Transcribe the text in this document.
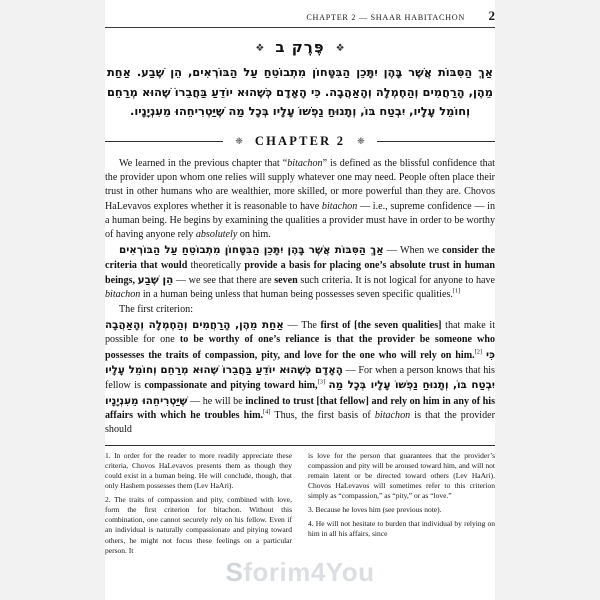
CHAPTER 2 — SHAAR HABITACHON	2
❖ פֶּרֶק ב ❖
אַךְ הַסִּבּוֹת אֲשֶׁר בָּהֶן יִתָּכֵן הַבִּטָּחוֹן מִתְבוֹטֵחַ עַל הַבּוֹרְאִים, הֵן שֶׁבַע. אַחַת מֵהֶן, הָרַחֲמִים וְהַחֶמְלָה וְהָאַהֲבָה. כִּי הָאָדָם כְּשֶׁהוּא יוֹדֵעַ בַּחֲבֵרוֹ שֶׁהוּא מְרַחֵם וְחוֹמֵל עָלָיו, יִבְטַח בּוֹ, וְתָנוּחַ נַפְשׁוֹ עָלָיו בְּכָל מַה שֶּׁיַּטְרִיחֵהוּ מֵעִנְיָנָיו.
❈ CHAPTER 2	❈

We learned in the previous chapter that “bitachon” is defined as the blissful confidence that the provider upon whom one relies will supply whatever one may need. People often place their trust in other humans who are wealthier, more skilled, or more powerful than they are. Chovos HaLevavos explores whether it is reasonable to have bitachon — i.e., supreme confidence — in a human being. He begins by examining the qualities a provider must have in order to be worthy of having anyone rely absolutely on him.

אַךְ הַסִּבּוֹת אֲשֶׁר בָּהֶן יִתָּכֵן הַבִּטָּחוֹן מִתְבוֹטֵחַ עַל הַבּוֹרְאִים — When we consider the criteria that would theoretically provide a basis for placing one’s absolute trust in human beings, הֵן שֶׁבַע — we see that there are seven such criteria. It is not logical for anyone to have bitachon in a human being unless that human being possesses seven specific qualities.[1]

The first criterion:

אַחַת מֵהֶן, הָרַחֲמִים וְהַחֶמְלָה וְהָאַהֲבָה — The first of [the seven qualities] that make it possible for one to be worthy of one’s reliance is that the provider be someone who possesses the traits of compassion, pity, and love for the one who will rely on him.[2] כִּי הָאָדָם כְּשֶׁהוּא יוֹדֵעַ בַּחֲבֵרוֹ שֶׁהוּא מְרַחֵם וְחוֹמֵל עָלָיו — For when a person knows that his fellow is compassionate and pitying toward him,[3] יִבְטַח בּוֹ, וְתָנוּחַ נַפְשׁוֹ עָלָיו בְּכָל מַה שֶּׁיַּטְרִיחֵהוּ מֵעִנְיָנָיו — he will be inclined to trust [that fellow] and rely on him in any of his affairs with which he troubles him.[4] Thus, the first basis of bitachon is that the provider should

1. In order for the reader to more readily appreciate these criteria, Chovos HaLevavos presents them as though they could exist in a human being. He will conclude, though, that only Hashem possesses them (Lev HaAri).

2. The traits of compassion and pity, combined with love, form the first criterion for bitachon. Without this combination, one cannot securely rely on his fellow. Even if an individual is naturally compassionate and pitying toward others, he might not focus these feelings on a particular person. It

is love for the person that guarantees that the provider’s compassion and pity will be aroused toward him, and will not remain latent or be directed toward others (Lev HaAri). Chovos HaLevavos will sometimes refer to this criterion simply as “compassion,” as “pity,” or as “love.”

3. Because he loves him (see previous note).

4. He will not hesitate to burden that individual by relying on him in all his affairs, since

Sforim4You
